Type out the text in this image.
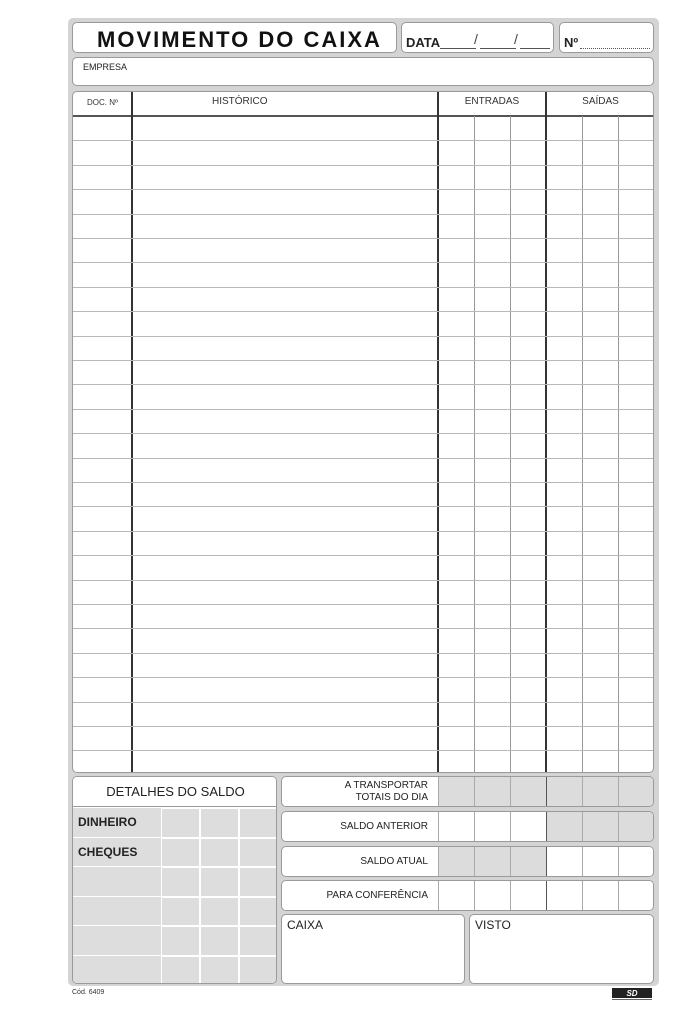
MOVIMENTO DO CAIXA DATA /	/	Nº
EMPRESA
DOC. Nº	HISTÓRICO	ENTRADAS	SAÍDAS
DETALHES DO SALDO
DINHEIRO
CHEQUES
A TRANSPORTAR
TOTAIS DO DIA
SALDO ANTERIOR
SALDO ATUAL
PARA CONFERÊNCIA
CAIXA	VISTO
Cód. 6409	SD
